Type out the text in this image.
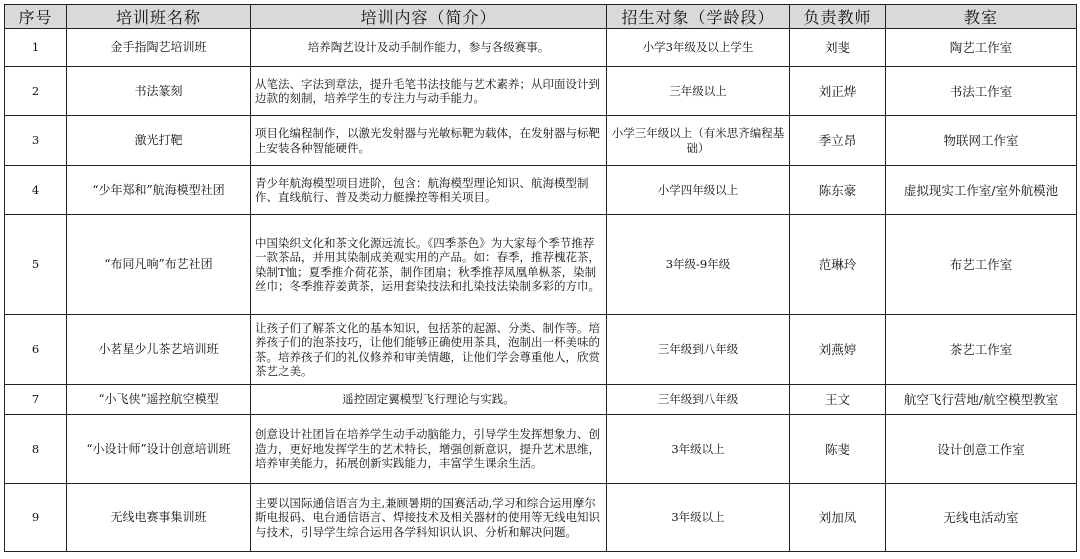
序号	培训班名称	培训内容（简介）	招生对象（学龄段）	负责教师	教室
1	金手指陶艺培训班	培养陶艺设计及动手制作能力，参与各级赛事。	小学3年级及以上学生	刘斐	陶艺工作室
2	书法篆刻	从笔法、字法到章法，提升毛笔书法技能与艺术素养；从印面设计到边款的刻制，培养学生的专注力与动手能力。	三年级以上	刘正烨	书法工作室
3	激光打靶	项目化编程制作，以激光发射器与光敏标靶为载体，在发射器与标靶上安装各种智能硬件。	小学三年级以上（有米思齐编程基础）	季立昂	物联网工作室
4	“少年郑和”航海模型社团	青少年航海模型项目进阶，包含：航海模型理论知识、航海模型制作、直线航行、普及类动力艇操控等相关项目。	小学四年级以上	陈东豪	虚拟现实工作室/室外航模池
5	“布同凡响”布艺社团	中国染织文化和茶文化源远流长。《四季茶色》为大家每个季节推荐一款茶品，并用其染制成美观实用的产品。如：春季，推荐槐花茶，染制T恤；夏季推介荷花茶，制作团扇；秋季推荐凤凰单枞茶，染制丝巾；冬季推荐姜黄茶，运用套染技法和扎染技法染制多彩的方巾。	3年级-9年级	范琳玲	布艺工作室
6	小茗星少儿茶艺培训班	让孩子们了解茶文化的基本知识，包括茶的起源、分类、制作等。培养孩子们的泡茶技巧，让他们能够正确使用茶具，泡制出一杯美味的茶。培养孩子们的礼仪修养和审美情趣，让他们学会尊重他人，欣赏茶艺之美。	三年级到八年级	刘燕婷	茶艺工作室
7	“小飞侠”遥控航空模型	遥控固定翼模型飞行理论与实践。	三年级到八年级	王文	航空飞行营地/航空模型教室
8	“小设计师”设计创意培训班	创意设计社团旨在培养学生动手动脑能力，引导学生发挥想象力、创造力，更好地发挥学生的艺术特长，增强创新意识，提升艺术思维，培养审美能力，拓展创新实践能力，丰富学生课余生活。	3年级以上	陈斐	设计创意工作室
9	无线电赛事集训班	主要以国际通信语言为主,兼顾暑期的国赛活动,学习和综合运用摩尔斯电报码、电台通信语言、焊接技术及相关器材的使用等无线电知识与技术，引导学生综合运用各学科知识认识、分析和解决问题。	3年级以上	刘加凤	无线电活动室
